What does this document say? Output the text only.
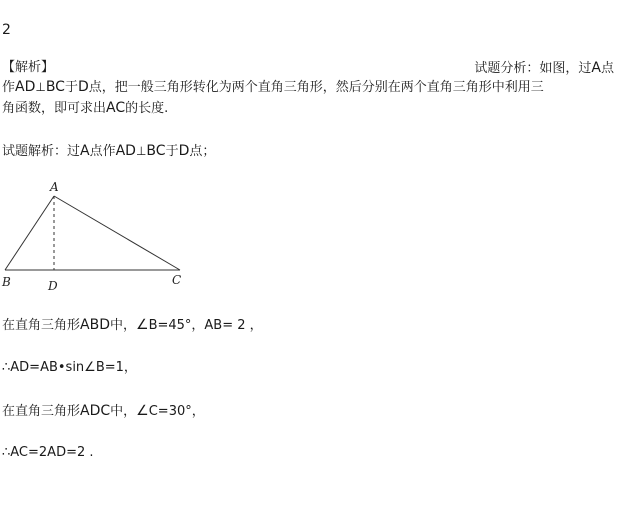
2
【解析】	试题分析：如图，过A点
作AD⊥BC于D点，把一般三角形转化为两个直角三角形，然后分别在两个直角三角形中利用三
角函数，即可求出AC的长度.
试题解析：过A点作AD⊥BC于D点；
A
B	C
D
在直角三角形ABD中，∠B=45°，AB= 2 ，
∴AD=AB•sin∠B=1，
在直角三角形ADC中，∠C=30°，
∴AC=2AD=2 .
